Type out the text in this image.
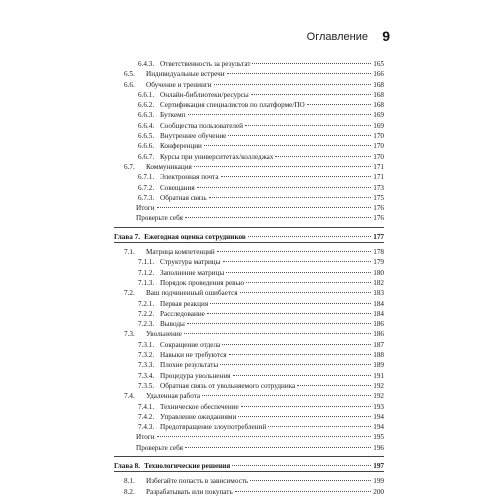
Оглавление 9
6.4.3. Ответственность за результат	165
6.5.	Индивидуальные встречи	166
6.6.	Обучение и тренинги	168
6.6.1. Онлайн-библиотеки/ресурсы	168
6.6.2. Сертификация специалистов по платформе/ПО	168
6.6.3. Буткемп	169
6.6.4. Сообщества пользователей	169
6.6.5. Внутреннее обучение	170
6.6.6. Конференции	170
6.6.7. Курсы при университетах/колледжах	170
6.7.	Коммуникация	171
6.7.1. Электронная почта	171
6.7.2. Совещания	173
6.7.3. Обратная связь	175
Итоги	176
Проверьте себя	176
Глава 7. Ежегодная оценка сотрудников	177
7.1.	Матрица компетенций	178
7.1.1. Структура матрицы	179
7.1.2. Заполнение матрицы	180
7.1.3. Порядок проведения ревью	182
7.2.	Ваш подчиненный ошибается	183
7.2.1. Первая реакция	184
7.2.2. Расследование	184
7.2.3. Выводы	186
7.3.	Увольнение	186
7.3.1. Сокращение отдела	187
7.3.2. Навыки не требуются	188
7.3.3. Плохие результаты	189
7.3.4. Процедура увольнения	191
7.3.5. Обратная связь от увольняемого сотрудника	192
7.4.	Удаленная работа	192
7.4.1. Техническое обеспечение	193
7.4.2. Управление ожиданиями	194
7.4.3. Предотвращение злоупотреблений	194
Итоги	195
Проверьте себя	196
Глава 8. Технологические решения	197
8.1.	Избегайте попасть в зависимость	199
8.2.	Разрабатывать или покупать	200
